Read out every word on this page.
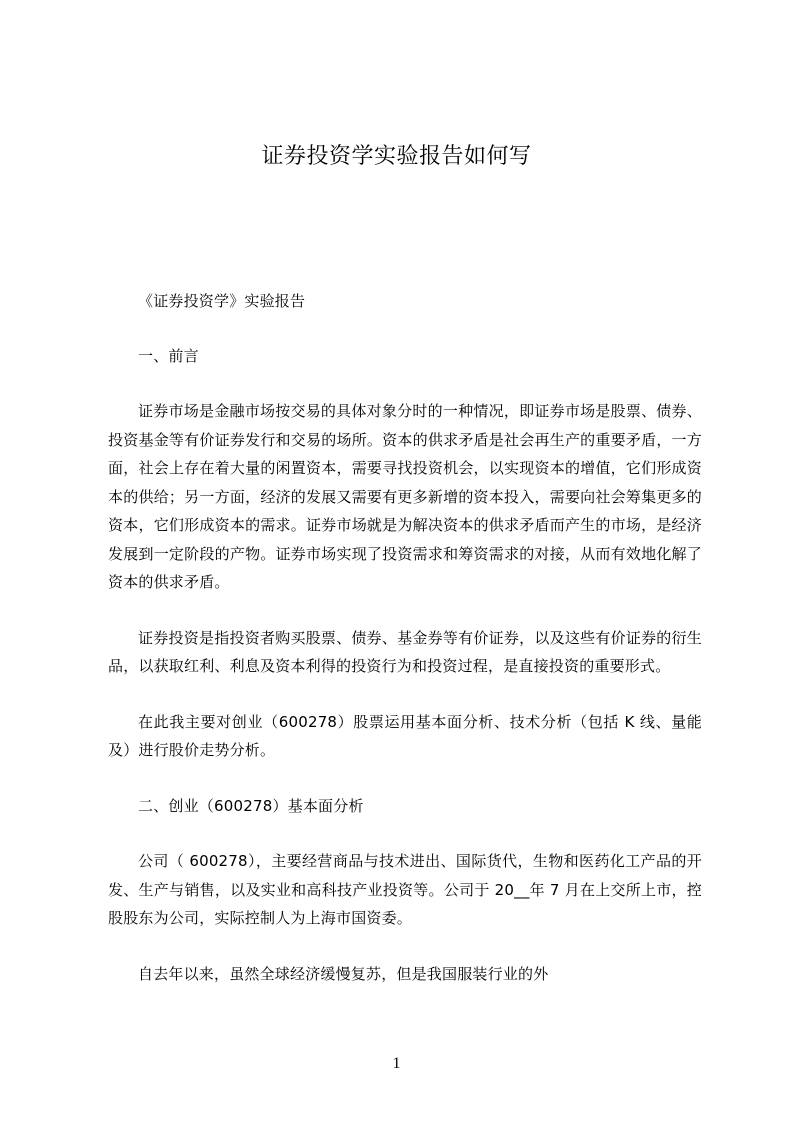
证券投资学实验报告如何写

《证券投资学》实验报告

一、前言

证券市场是金融市场按交易的具体对象分时的一种情况，即证券市场是股票、债券、投资基金等有价证券发行和交易的场所。资本的供求矛盾是社会再生产的重要矛盾，一方面，社会上存在着大量的闲置资本，需要寻找投资机会，以实现资本的增值，它们形成资本的供给；另一方面，经济的发展又需要有更多新增的资本投入，需要向社会筹集更多的资本，它们形成资本的需求。证券市场就是为解决资本的供求矛盾而产生的市场，是经济发展到一定阶段的产物。证券市场实现了投资需求和筹资需求的对接，从而有效地化解了资本的供求矛盾。

证券投资是指投资者购买股票、债券、基金券等有价证券，以及这些有价证券的衍生品，以获取红利、利息及资本利得的投资行为和投资过程，是直接投资的重要形式。

在此我主要对创业（600278）股票运用基本面分析、技术分析（包括 K 线、量能及）进行股价走势分析。

二、创业（600278）基本面分析

公司（ 600278），主要经营商品与技术进出、国际货代，生物和医药化工产品的开发、生产与销售，以及实业和高科技产业投资等。公司于 20__年 7 月在上交所上市，控股股东为公司，实际控制人为上海市国资委。

自去年以来，虽然全球经济缓慢复苏，但是我国服装行业的外

1
